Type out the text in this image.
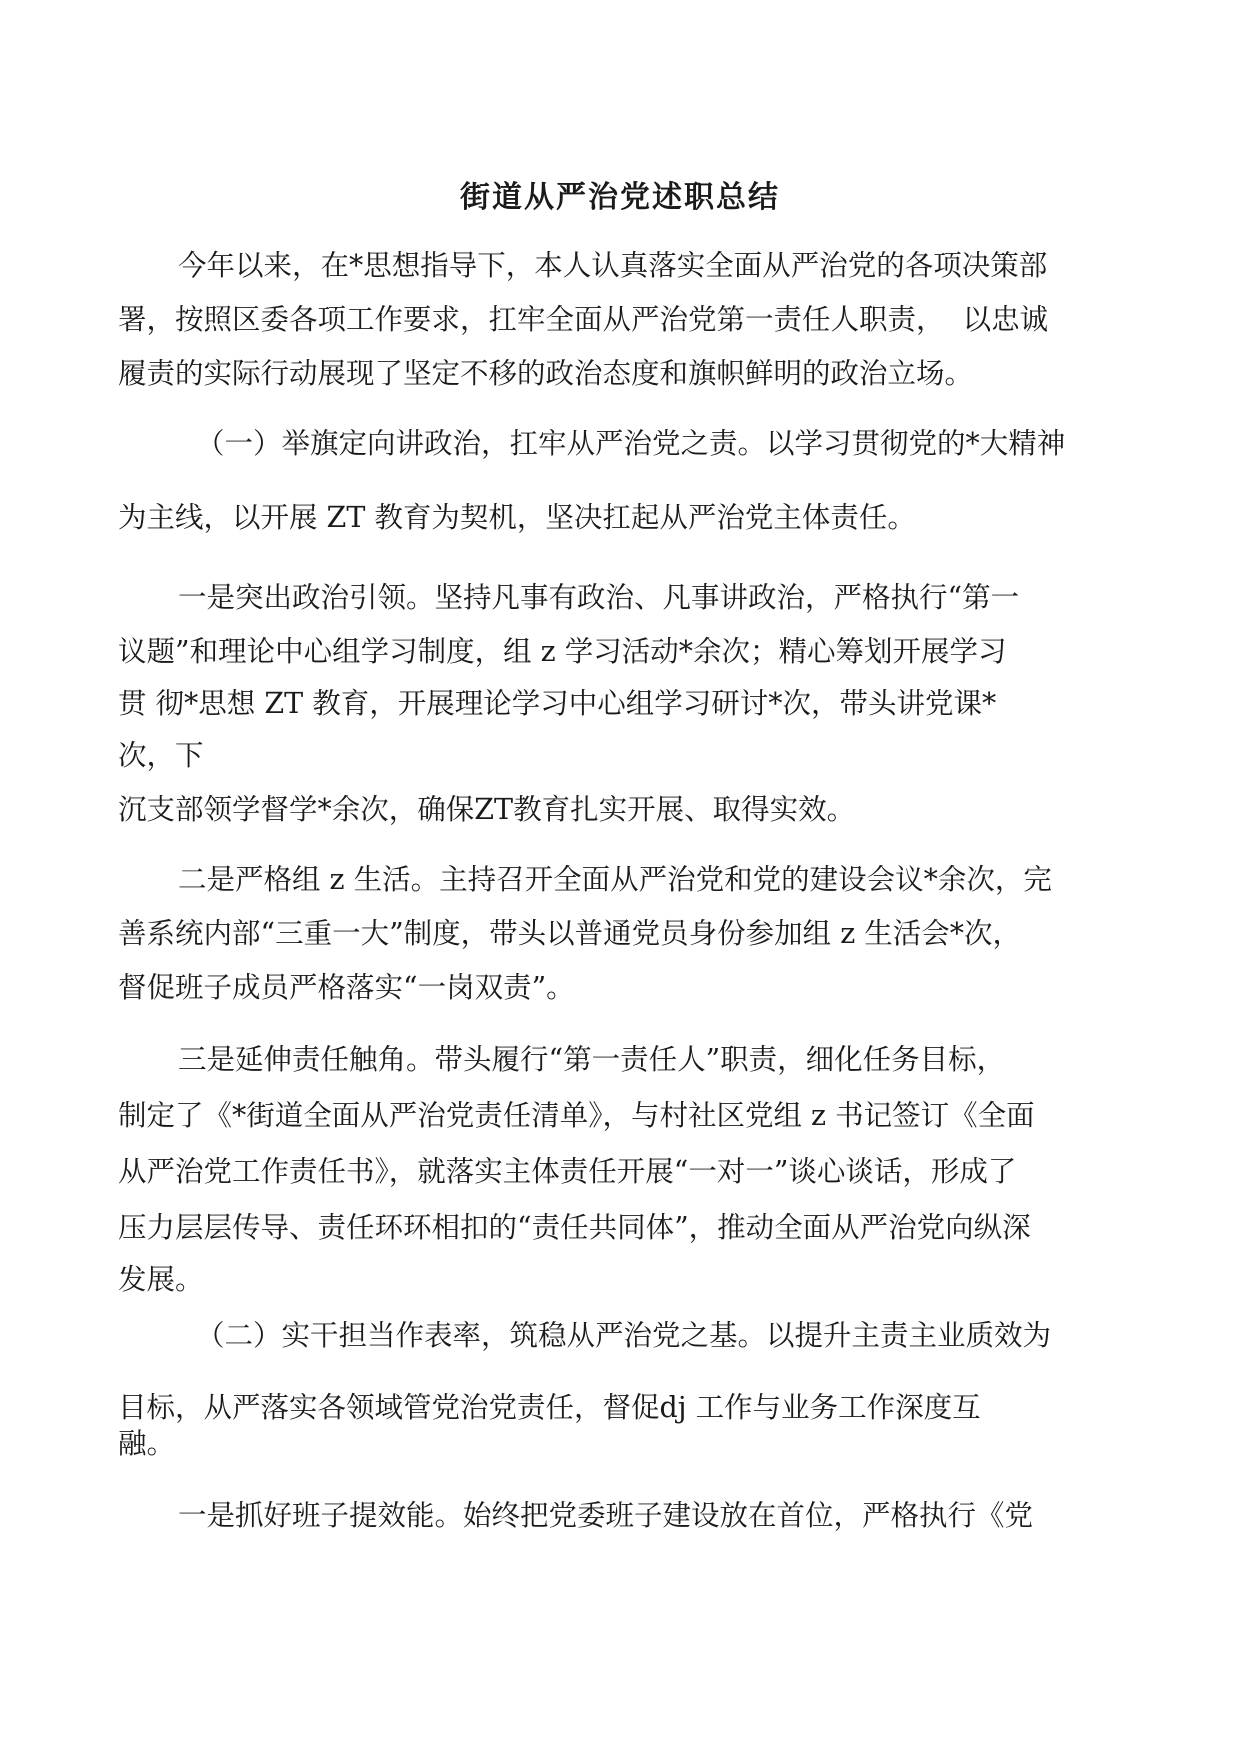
街道从严治党述职总结
今年以来，在*思想指导下，本人认真落实全面从严治党的各项决策部
署，按照区委各项工作要求，扛牢全面从严治党第一责任人职责，  以忠诚
履责的实际行动展现了坚定不移的政治态度和旗帜鲜明的政治立场。
（一）举旗定向讲政治，扛牢从严治党之责。以学习贯彻党的*大精神
为主线，以开展 ZT 教育为契机，坚决扛起从严治党主体责任。
一是突出政治引领。坚持凡事有政治、凡事讲政治，严格执行“第一
议题”和理论中心组学习制度，组 z 学习活动*余次；精心筹划开展学习
贯 彻*思想 ZT 教育，开展理论学习中心组学习研讨*次，带头讲党课*
次，下
沉支部领学督学*余次，确保ZT教育扎实开展、取得实效。
二是严格组 z 生活。主持召开全面从严治党和党的建设会议*余次，完
善系统内部“三重一大”制度，带头以普通党员身份参加组 z 生活会*次，
督促班子成员严格落实“一岗双责”。
三是延伸责任触角。带头履行“第一责任人”职责，细化任务目标，
制定了《*街道全面从严治党责任清单》，与村社区党组 z 书记签订《全面
从严治党工作责任书》，就落实主体责任开展“一对一”谈心谈话，形成了
压力层层传导、责任环环相扣的“责任共同体”，推动全面从严治党向纵深
发展。
（二）实干担当作表率，筑稳从严治党之基。以提升主责主业质效为
目标，从严落实各领域管党治党责任，督促dj 工作与业务工作深度互
融。
一是抓好班子提效能。始终把党委班子建设放在首位，严格执行《党
